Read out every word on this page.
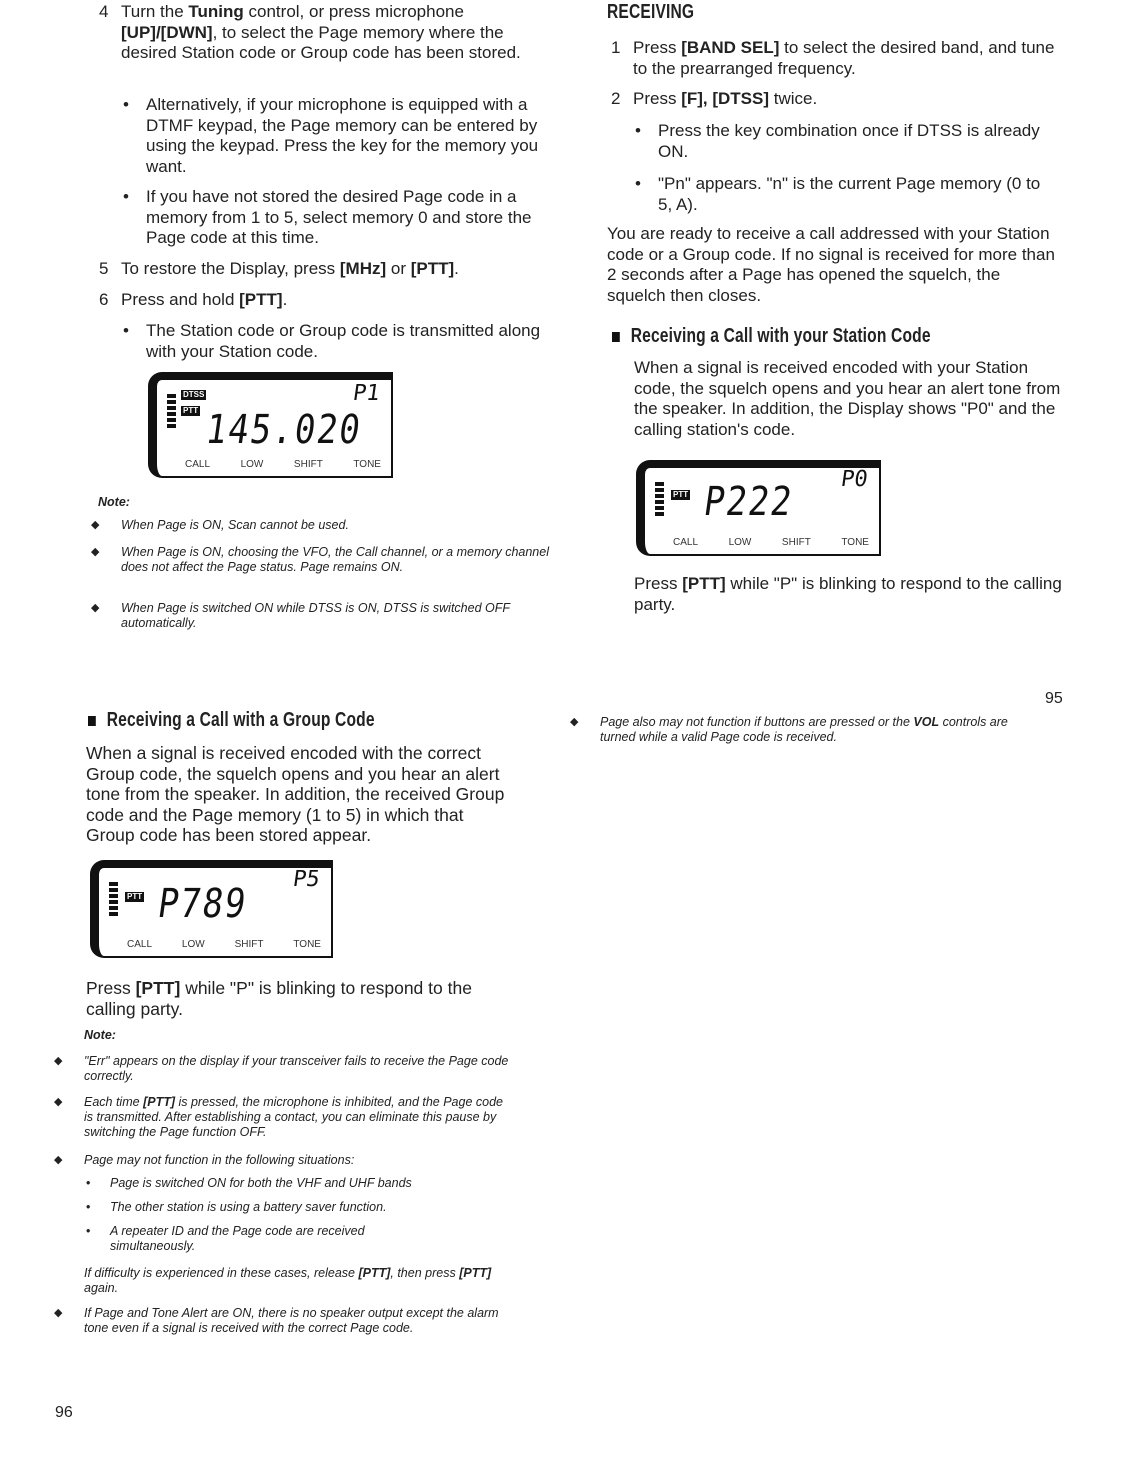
4 Turn the Tuning control, or press microphone [UP]/[DWN], to select the Page memory where the desired Station code or Group code has been stored.
• Alternatively, if your microphone is equipped with a DTMF keypad, the Page memory can be entered by using the keypad. Press the key for the memory you want.
• If you have not stored the desired Page code in a memory from 1 to 5, select memory 0 and store the Page code at this time.
5 To restore the Display, press [MHz] or [PTT].
6 Press and hold [PTT].
• The Station code or Group code is transmitted along with your Station code.
DTSS
PTT 145.020
P1
CALL	LOW	SHIFT	TONE
Note:
◆ When Page is ON, Scan cannot be used.
◆ When Page is ON, choosing the VFO, the Call channel, or a memory channel does not affect the Page status. Page remains ON.
◆ When Page is switched ON while DTSS is ON, DTSS is switched OFF automatically.
RECEIVING
1 Press [BAND SEL] to select the desired band, and tune to the prearranged frequency.
2 Press [F], [DTSS] twice.
• Press the key combination once if DTSS is already ON.
• "Pn" appears. "n" is the current Page memory (0 to 5, A).
You are ready to receive a call addressed with your Station code or a Group code. If no signal is received for more than 2 seconds after a Page has opened the squelch, the squelch then closes.
Receiving a Call with your Station Code
When a signal is received encoded with your Station code, the squelch opens and you hear an alert tone from the speaker. In addition, the Display shows "P0" and the calling station's code.
PTT P222 P0
CALL	LOW	SHIFT	TONE
Press [PTT] while "P" is blinking to respond to the calling party.
95
◆ Page also may not function if buttons are pressed or the VOL controls are turned while a valid Page code is received.
Receiving a Call with a Group Code
When a signal is received encoded with the correct Group code, the squelch opens and you hear an alert tone from the speaker. In addition, the received Group code and the Page memory (1 to 5) in which that Group code has been stored appear.
PTT P789
P5
CALL	LOW	SHIFT	TONE
Press [PTT] while "P" is blinking to respond to the calling party.
Note:
◆ "Err" appears on the display if your transceiver fails to receive the Page code correctly.
◆ Each time [PTT] is pressed, the microphone is inhibited, and the Page code is transmitted. After establishing a contact, you can eliminate this pause by switching the Page function OFF.
◆ Page may not function in the following situations:
• Page is switched ON for both the VHF and UHF bands
• The other station is using a battery saver function.
• A repeater ID and the Page code are received simultaneously.
If difficulty is experienced in these cases, release [PTT], then press [PTT] again.
◆ If Page and Tone Alert are ON, there is no speaker output except the alarm tone even if a signal is received with the correct Page code.
96
